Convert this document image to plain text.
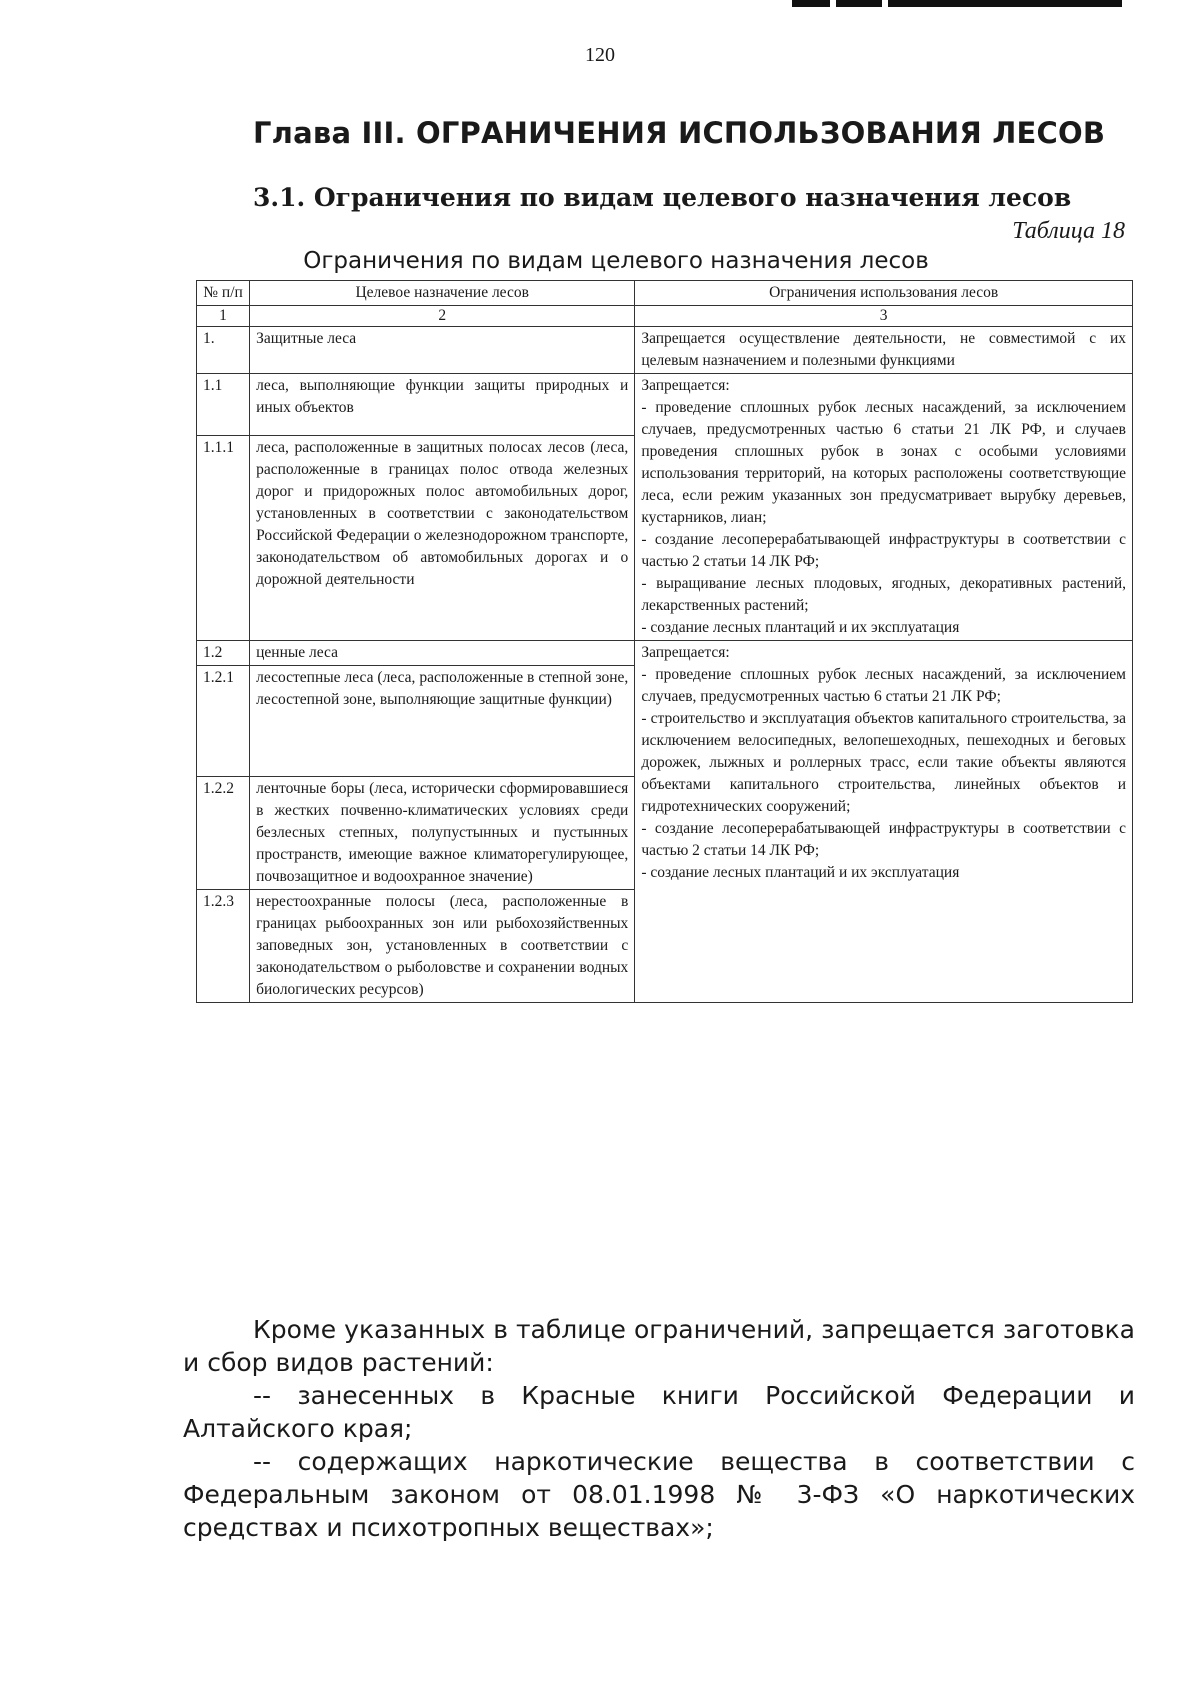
120
Глава III. ОГРАНИЧЕНИЯ ИСПОЛЬЗОВАНИЯ ЛЕСОВ
3.1. Ограничения по видам целевого назначения лесов
Таблица 18
Ограничения по видам целевого назначения лесов
№ п/п	Целевое назначение лесов	Ограничения использования лесов
1	2	3
1.	Защитные леса	Запрещается осуществление деятельности, не совместимой с их целевым назначением и полезными функциями
1.1	леса, выполняющие функции защиты природных и иных объектов	Запрещается:

- проведение сплошных рубок лесных насаждений, за исключением случаев, предусмотренных частью 6 статьи 21 ЛК РФ, и случаев проведения сплошных рубок в зонах с особыми условиями использования территорий, на которых расположены соответствующие леса, если режим указанных зон предусматривает вырубку деревьев, кустарников, лиан;

- создание лесоперерабатывающей инфраструктуры в соответствии с частью 2 статьи 14 ЛК РФ;

- выращивание лесных плодовых, ягодных, декоративных растений, лекарственных растений;

- создание лесных плантаций и их эксплуатация

1.1.1	леса, расположенные в защитных полосах лесов (леса, расположенные в границах полос отвода железных дорог и придорожных полос автомобильных дорог, установленных в соответствии с законодательством Российской Федерации о железнодорожном транспорте, законодательством об автомобильных дорогах и о дорожной деятельности	
1.2	ценные леса	Запрещается:

- проведение сплошных рубок лесных насаждений, за исключением случаев, предусмотренных частью 6 статьи 21 ЛК РФ;

- строительство и эксплуатация объектов капитального строительства, за исключением велосипедных, велопешеходных, пешеходных и беговых дорожек, лыжных и роллерных трасс, если такие объекты являются объектами капитального строительства, линейных объектов и гидротехнических сооружений;

- создание лесоперерабатывающей инфраструктуры в соответствии с частью 2 статьи 14 ЛК РФ;

- создание лесных плантаций и их эксплуатация

1.2.1	лесостепные леса (леса, расположенные в степной зоне, лесостепной зоне, выполняющие защитные функции)	
1.2.2	ленточные боры (леса, исторически сформировавшиеся в жестких почвенно-климатических условиях среди безлесных степных, полупустынных и пустынных пространств, имеющие важное климаторегулирующее, почвозащитное и водоохранное значение)	
1.2.3	нерестоохранные полосы (леса, расположенные в границах рыбоохранных зон или рыбохозяйственных заповедных зон, установленных в соответствии с законодательством о рыболовстве и сохранении водных биологических ресурсов)	

Кроме указанных в таблице ограничений, запрещается заготовка и сбор видов растений:

-- занесенных в Красные книги Российской Федерации и Алтайского края;

-- содержащих наркотические вещества в соответствии с Федеральным законом от 08.01.1998 № 3-ФЗ «О наркотических средствах и психотропных веществах»;
